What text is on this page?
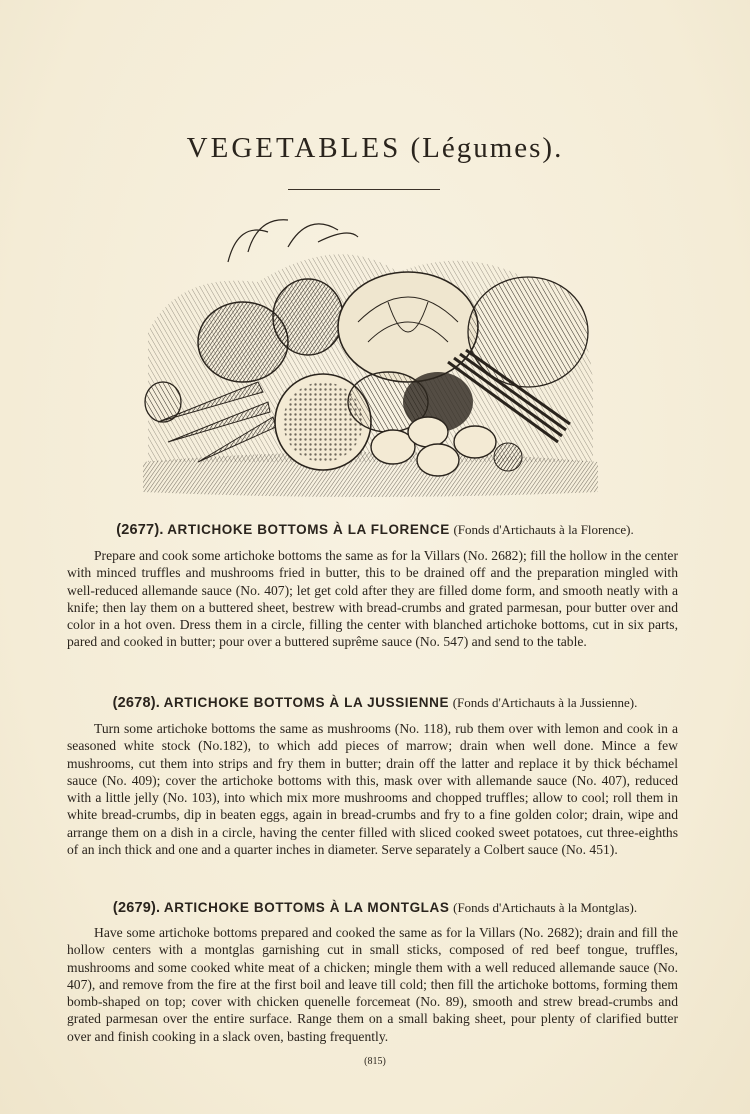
VEGETABLES (Légumes).
(2677). ARTICHOKE BOTTOMS À LA FLORENCE (Fonds d'Artichauts à la Florence).

Prepare and cook some artichoke bottoms the same as for la Villars (No. 2682); fill the hollow in the center with minced truffles and mushrooms fried in butter, this to be drained off and the preparation mingled with well-reduced allemande sauce (No. 407); let get cold after they are filled dome form, and smooth neatly with a knife; then lay them on a buttered sheet, bestrew with bread-crumbs and grated parmesan, pour butter over and color in a hot oven. Dress them in a circle, filling the center with blanched artichoke bottoms, cut in six parts, pared and cooked in butter; pour over a buttered suprême sauce (No. 547) and send to the table.

(2678). ARTICHOKE BOTTOMS À LA JUSSIENNE (Fonds d'Artichauts à la Jussienne).

Turn some artichoke bottoms the same as mushrooms (No. 118), rub them over with lemon and cook in a seasoned white stock (No.182), to which add pieces of marrow; drain when well done. Mince a few mushrooms, cut them into strips and fry them in butter; drain off the latter and replace it by thick béchamel sauce (No. 409); cover the artichoke bottoms with this, mask over with allemande sauce (No. 407), reduced with a little jelly (No. 103), into which mix more mushrooms and chopped truffles; allow to cool; roll them in white bread-crumbs, dip in beaten eggs, again in bread-crumbs and fry to a fine golden color; drain, wipe and arrange them on a dish in a circle, having the center filled with sliced cooked sweet potatoes, cut three-eighths of an inch thick and one and a quarter inches in diameter. Serve separately a Colbert sauce (No. 451).

(2679). ARTICHOKE BOTTOMS À LA MONTGLAS (Fonds d'Artichauts à la Montglas).

Have some artichoke bottoms prepared and cooked the same as for la Villars (No. 2682); drain and fill the hollow centers with a montglas garnishing cut in small sticks, composed of red beef tongue, truffles, mushrooms and some cooked white meat of a chicken; mingle them with a well reduced allemande sauce (No. 407), and remove from the fire at the first boil and leave till cold; then fill the artichoke bottoms, forming them bomb-shaped on top; cover with chicken quenelle forcemeat (No. 89), smooth and strew bread-crumbs and grated parmesan over the entire surface. Range them on a small baking sheet, pour plenty of clarified butter over and finish cooking in a slack oven, basting frequently.

(815)
